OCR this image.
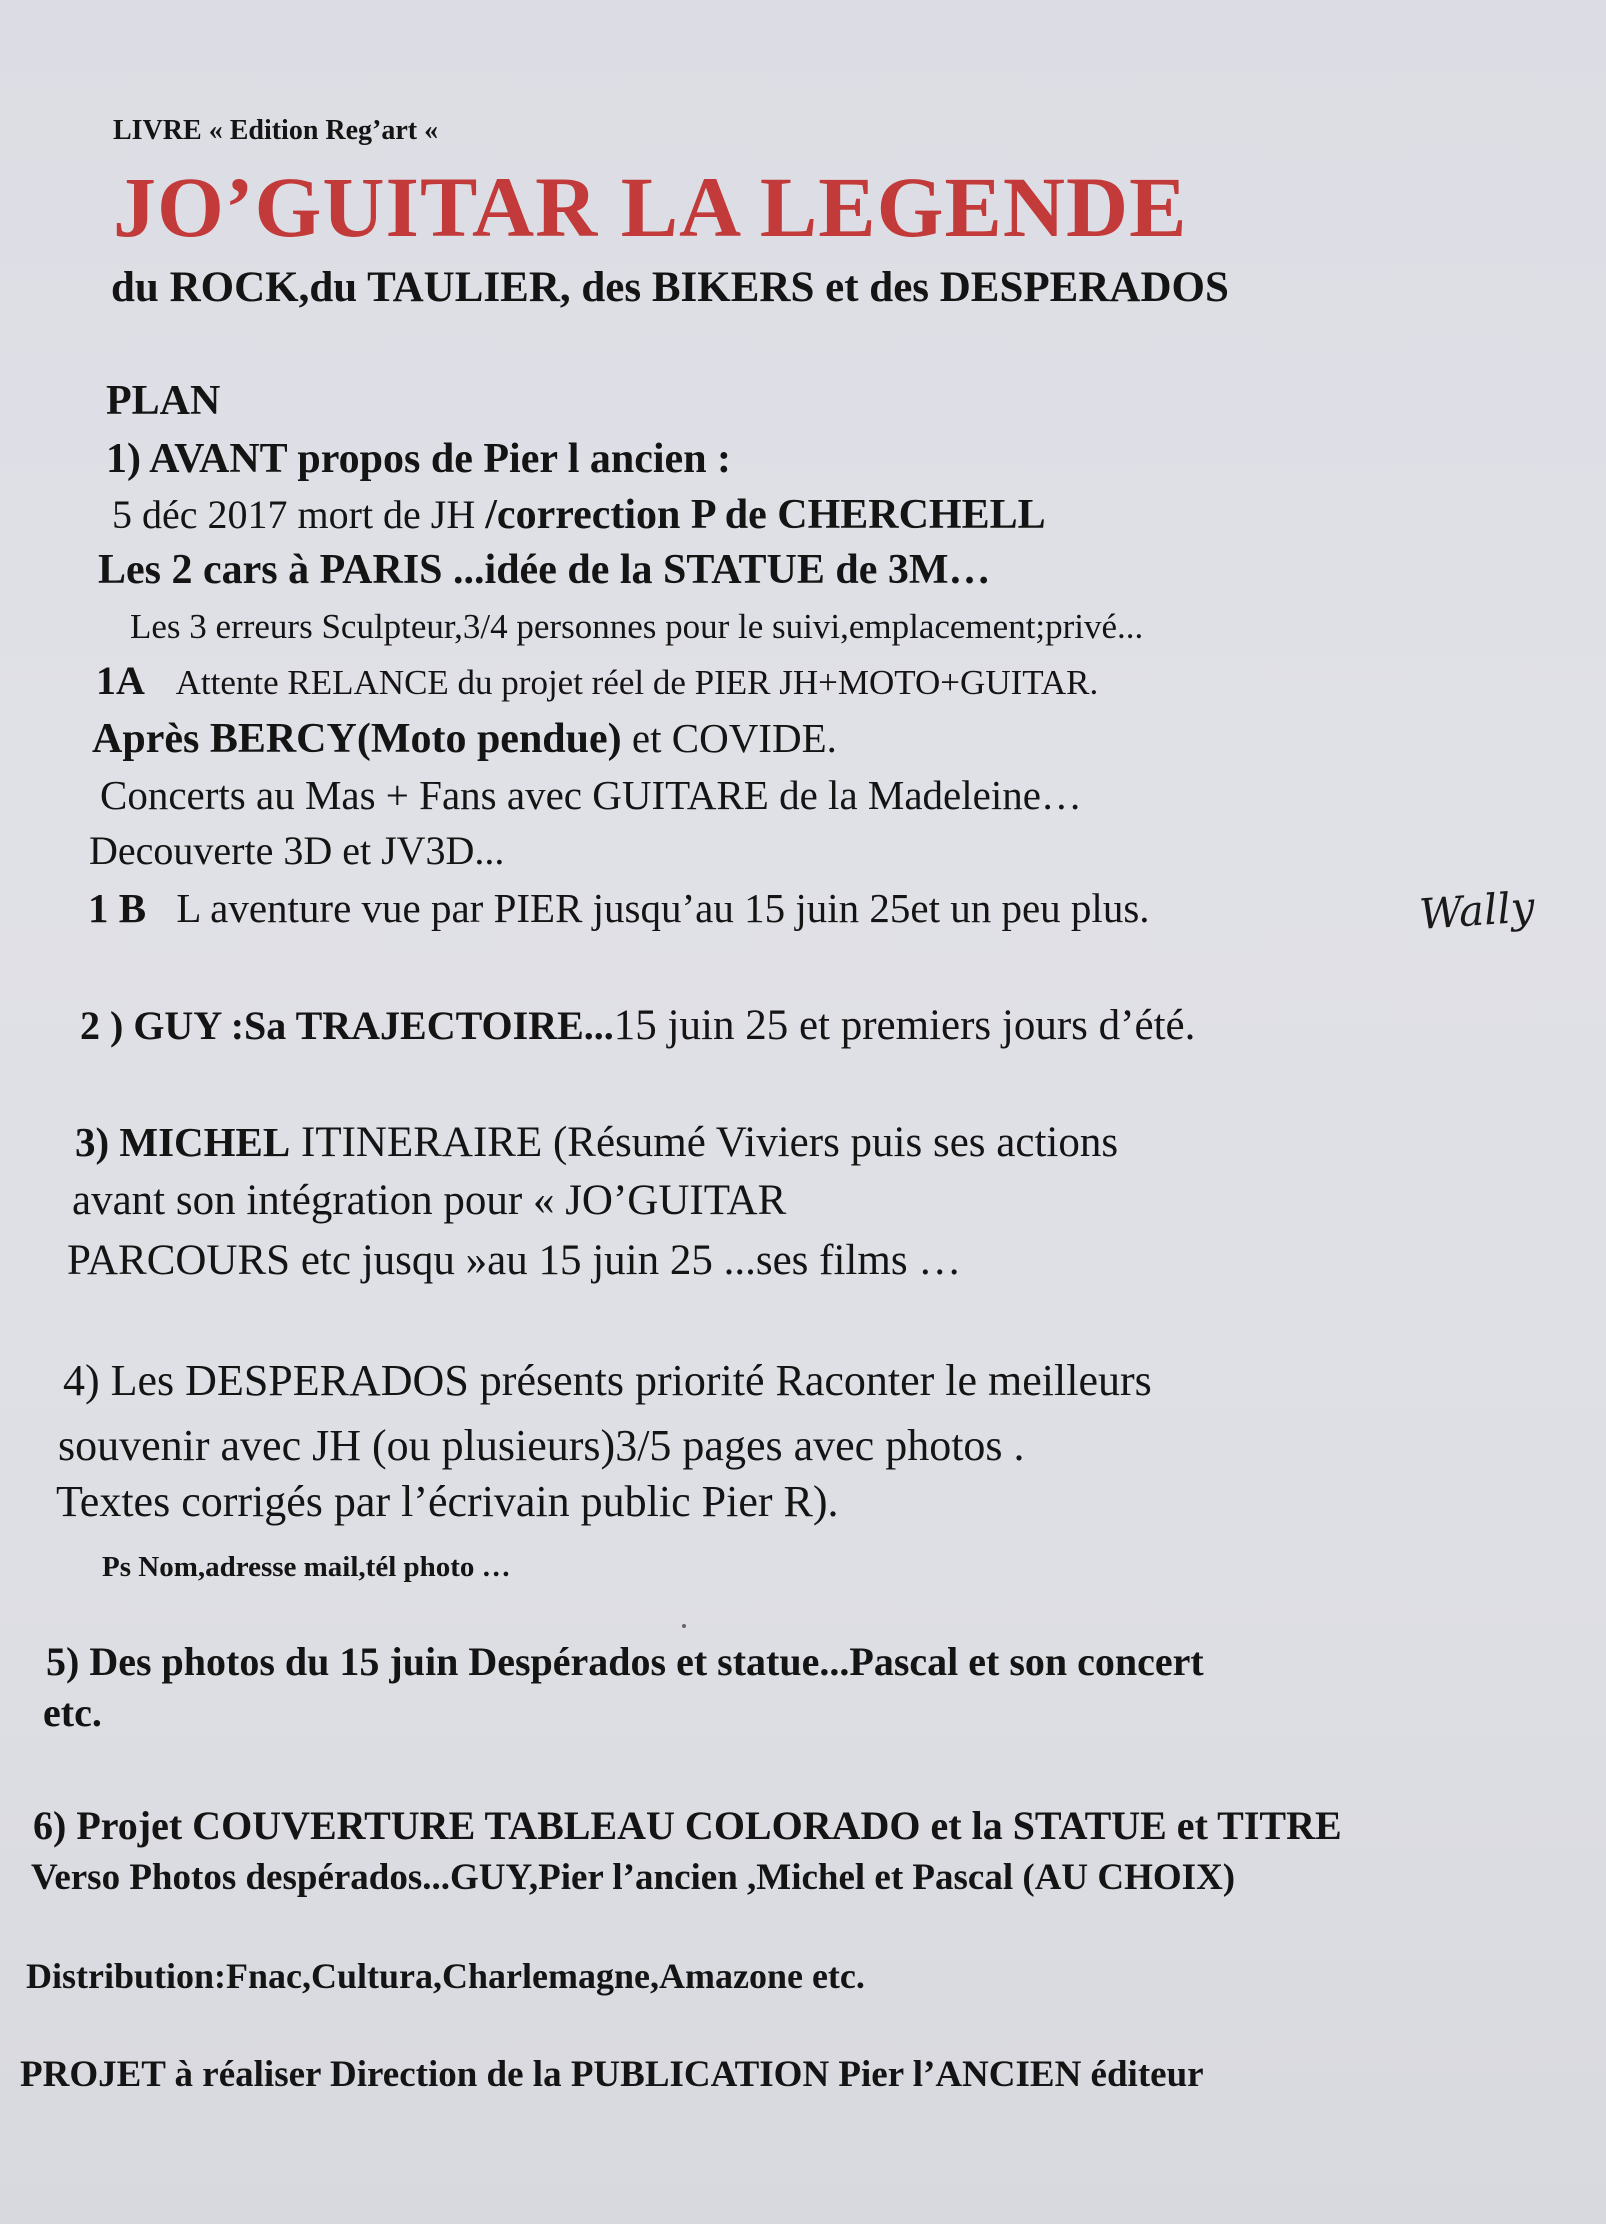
LIVRE « Edition Reg’art «
JO’GUITAR LA LEGENDE
du ROCK,du TAULIER, des BIKERS et des DESPERADOS
PLAN
1) AVANT propos de Pier l ancien :
5 déc 2017 mort de JH /correction P de CHERCHELL
Les 2 cars à PARIS ...idée de la STATUE de 3M…
Les 3 erreurs Sculpteur,3/4 personnes pour le suivi,emplacement;privé...
1A Attente RELANCE du projet réel de PIER JH+MOTO+GUITAR.
Après BERCY(Moto pendue) et COVIDE.
Concerts au Mas + Fans avec GUITARE de la Madeleine…
Decouverte 3D et JV3D...
1 B L aventure vue par PIER jusqu’au 15 juin 25et un peu plus.	Wally
2 ) GUY :Sa TRAJECTOIRE...15 juin 25 et premiers jours d’été.
3) MICHEL ITINERAIRE (Résumé Viviers puis ses actions
avant son intégration pour « JO’GUITAR
PARCOURS etc jusqu »au 15 juin 25 ...ses films …
4) Les DESPERADOS présents priorité Raconter le meilleurs
souvenir avec JH (ou plusieurs)3/5 pages avec photos .
Textes corrigés par l’écrivain public Pier R).
Ps Nom,adresse mail,tél photo …
5) Des photos du 15 juin Despérados et statue...Pascal et son concert
etc.
6) Projet COUVERTURE TABLEAU COLORADO et la STATUE et TITRE
Verso Photos despérados...GUY,Pier l’ancien ,Michel et Pascal (AU CHOIX)
Distribution:Fnac,Cultura,Charlemagne,Amazone etc.
PROJET à réaliser Direction de la PUBLICATION Pier l’ANCIEN éditeur
